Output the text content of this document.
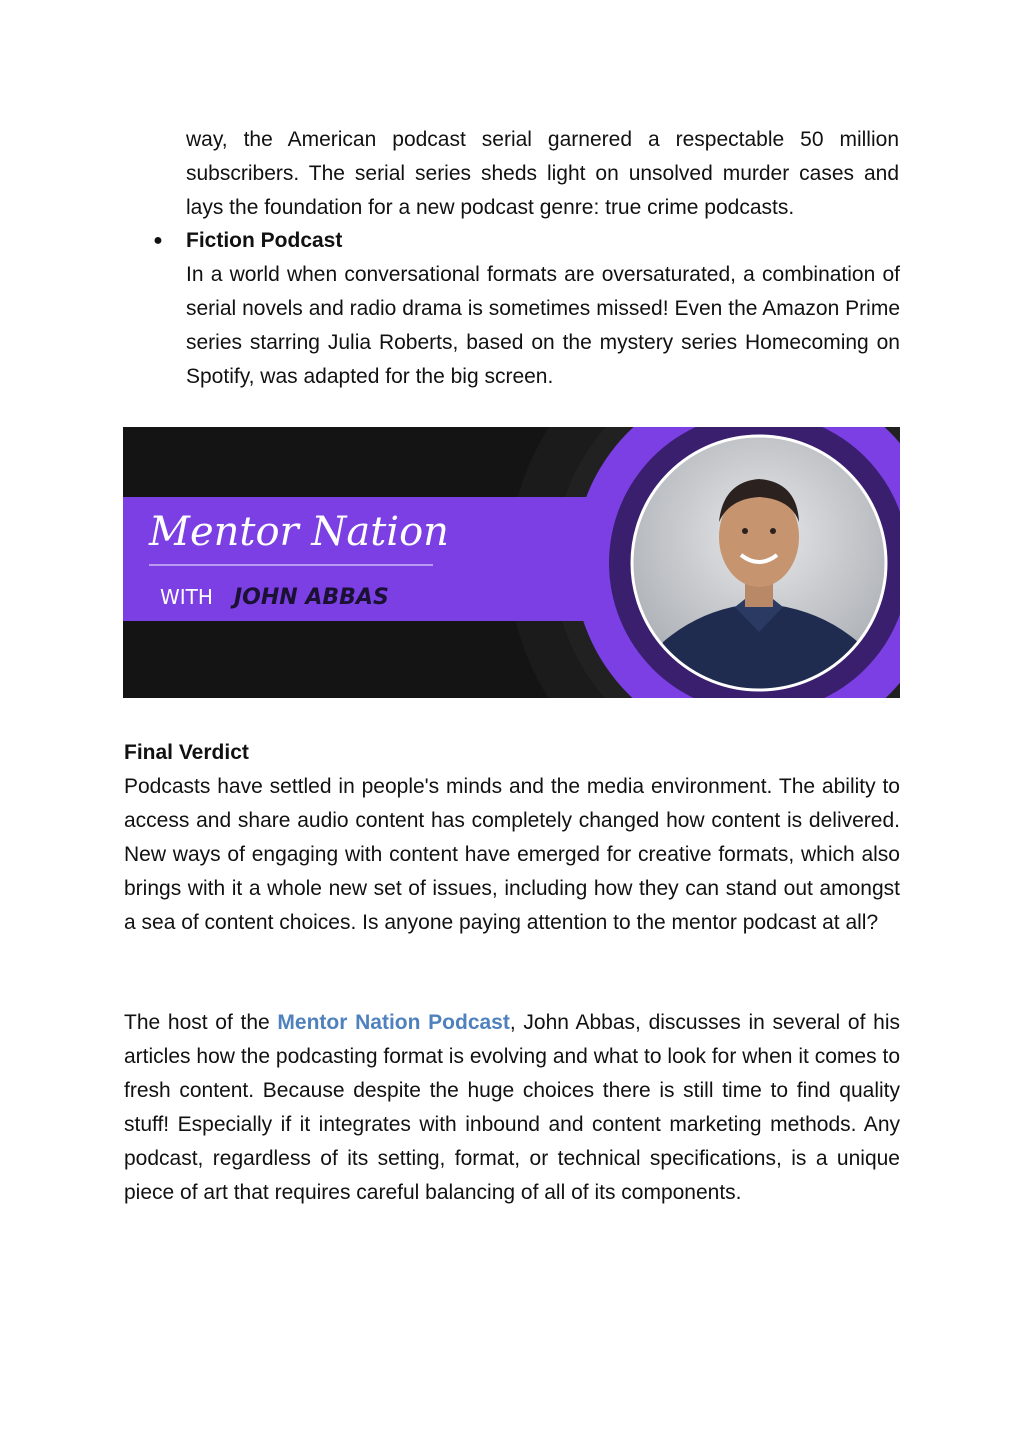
way, the American podcast serial garnered a respectable 50 million subscribers. The serial series sheds light on unsolved murder cases and lays the foundation for a new podcast genre: true crime podcasts.

●	Fiction Podcast
In a world when conversational formats are oversaturated, a combination of serial novels and radio drama is sometimes missed! Even the Amazon Prime series starring Julia Roberts, based on the mystery series Homecoming on Spotify, was adapted for the big screen.
Mentor Nation
WITH JOHN ABBAS
Final Verdict
Podcasts have settled in people's minds and the media environment. The ability to access and share audio content has completely changed how content is delivered. New ways of engaging with content have emerged for creative formats, which also brings with it a whole new set of issues, including how they can stand out amongst a sea of content choices. Is anyone paying attention to the mentor podcast at all?

The host of the Mentor Nation Podcast, John Abbas, discusses in several of his articles how the podcasting format is evolving and what to look for when it comes to fresh content. Because despite the huge choices there is still time to find quality stuff! Especially if it integrates with inbound and content marketing methods. Any podcast, regardless of its setting, format, or technical specifications, is a unique piece of art that requires careful balancing of all of its components.
